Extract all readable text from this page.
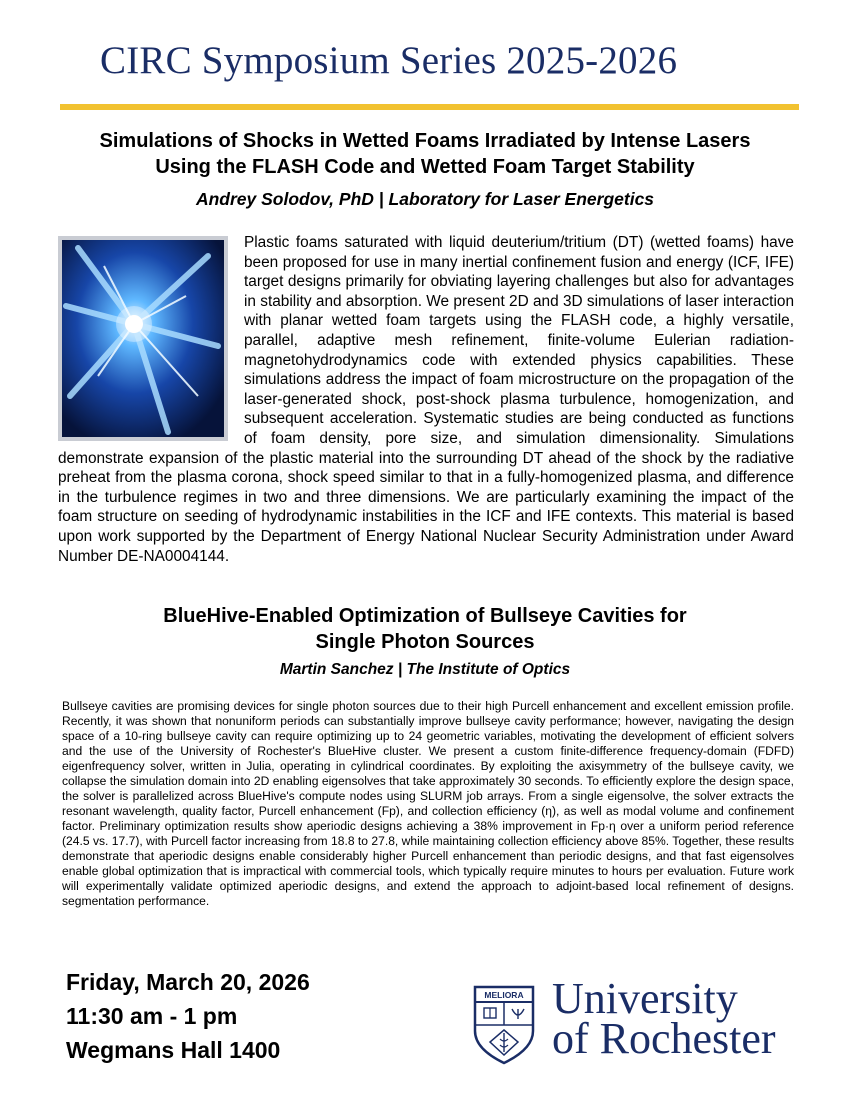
CIRC Symposium Series 2025-2026
Simulations of Shocks in Wetted Foams Irradiated by Intense Lasers
Using the FLASH Code and Wetted Foam Target Stability
Andrey Solodov, PhD | Laboratory for Laser Energetics
Plastic foams saturated with liquid deuterium/tritium (DT) (wetted foams) have been proposed for use in many inertial confinement fusion and energy (ICF, IFE) target designs primarily for obviating layering challenges but also for advantages in stability and absorption. We present 2D and 3D simulations of laser interaction with planar wetted foam targets using the FLASH code, a highly versatile, parallel, adaptive mesh refinement, finite-volume Eulerian radiation-magnetohydrodynamics code with extended physics capabilities. These simulations address the impact of foam microstructure on the propagation of the laser-generated shock, post-shock plasma turbulence, homogenization, and subsequent acceleration. Systematic studies are being conducted as functions of foam density, pore size, and simulation dimensionality. Simulations demonstrate expansion of the plastic material into the surrounding DT ahead of the shock by the radiative preheat from the plasma corona, shock speed similar to that in a fully-homogenized plasma, and difference in the turbulence regimes in two and three dimensions. We are particularly examining the impact of the foam structure on seeding of hydrodynamic instabilities in the ICF and IFE contexts. This material is based upon work supported by the Department of Energy National Nuclear Security Administration under Award Number DE-NA0004144.
BlueHive-Enabled Optimization of Bullseye Cavities for
Single Photon Sources
Martin Sanchez | The Institute of Optics

Bullseye cavities are promising devices for single photon sources due to their high Purcell enhancement and excellent emission profile. Recently, it was shown that nonuniform periods can substantially improve bullseye cavity performance; however, navigating the design space of a 10-ring bullseye cavity can require optimizing up to 24 geometric variables, motivating the development of efficient solvers and the use of the University of Rochester's BlueHive cluster. We present a custom finite-difference frequency-domain (FDFD) eigenfrequency solver, written in Julia, operating in cylindrical coordinates. By exploiting the axisymmetry of the bullseye cavity, we collapse the simulation domain into 2D enabling eigensolves that take approximately 30 seconds. To efficiently explore the design space, the solver is parallelized across BlueHive's compute nodes using SLURM job arrays. From a single eigensolve, the solver extracts the resonant wavelength, quality factor, Purcell enhancement (Fp), and collection efficiency (η), as well as modal volume and confinement factor. Preliminary optimization results show aperiodic designs achieving a 38% improvement in Fp·η over a uniform period reference (24.5 vs. 17.7), with Purcell factor increasing from 18.8 to 27.8, while maintaining collection efficiency above 85%. Together, these results demonstrate that aperiodic designs enable considerably higher Purcell enhancement than periodic designs, and that fast eigensolves enable global optimization that is impractical with commercial tools, which typically require minutes to hours per evaluation. Future work will experimentally validate optimized aperiodic designs, and extend the approach to adjoint-based local refinement of designs. segmentation performance.

Friday, March 20, 2026
11:30 am - 1 pm
Wegmans Hall 1400
MELIORA University
of Rochester
